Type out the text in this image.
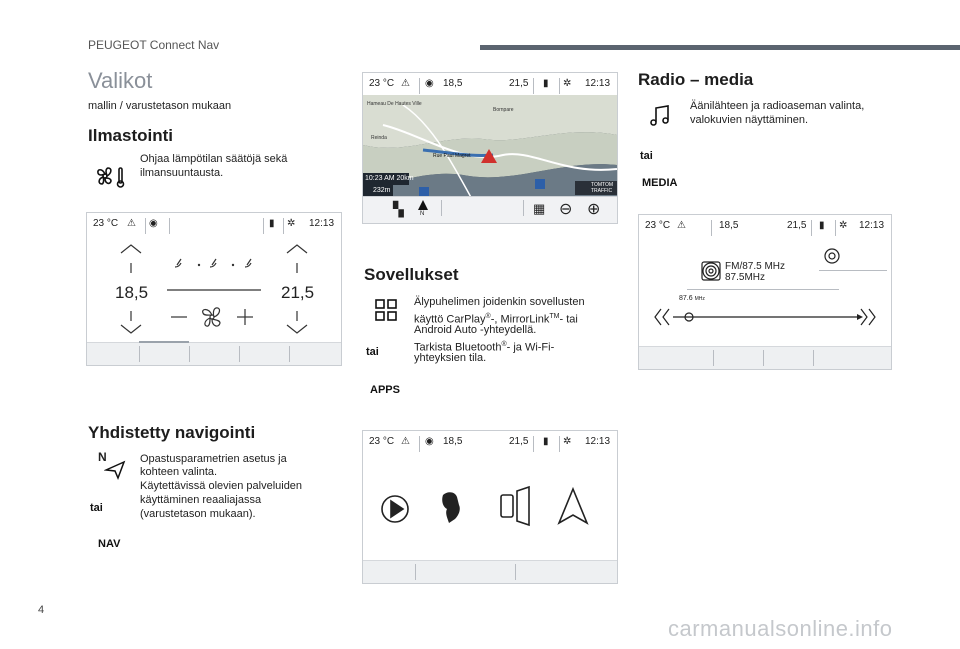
PEUGEOT Connect Nav
Valikot
mallin / varustetason mukaan
Ilmastointi
Ohjaa lämpötilan säätöjä sekä
ilmansuuntausta.
23 °C ⚠ ◉	▮ ✲ 12:13
18,5	21,5
Yhdistetty navigointi
N	Opastusparametrien asetus ja
kohteen valinta.
Käytettävissä olevien palveluiden
käyttäminen reaaliajassa
(varustetason mukaan).
tai
NAV
23 °C ⚠ ◉ 18,5	21,5 ▮ ✲ 12:13
10:23 AM 20km
232m
TOMTOM
TRAFFIC
Hameau De Hautes Ville
Bornpare
Reinda
Rue Paul Magret
▚	N	▦ ⊖ ⊕
Sovellukset
Älypuhelimen joidenkin sovellusten
käyttö CarPlay®-, MirrorLink™- tai
Android Auto -yhteydellä.
Tarkista Bluetooth®- ja Wi-Fi-
yhteyksien tila.
tai
APPS
23 °C ⚠ ◉ 18,5	21,5 ▮ ✲ 12:13
Radio – media
Äänilähteen ja radioaseman valinta,
valokuvien näyttäminen.
tai
MEDIA
23 °C ⚠	18,5	21,5 ▮ ✲ 12:13
FM/87.5 MHz
87.5MHz
87.6 MHz
4
carmanualsonline.info
